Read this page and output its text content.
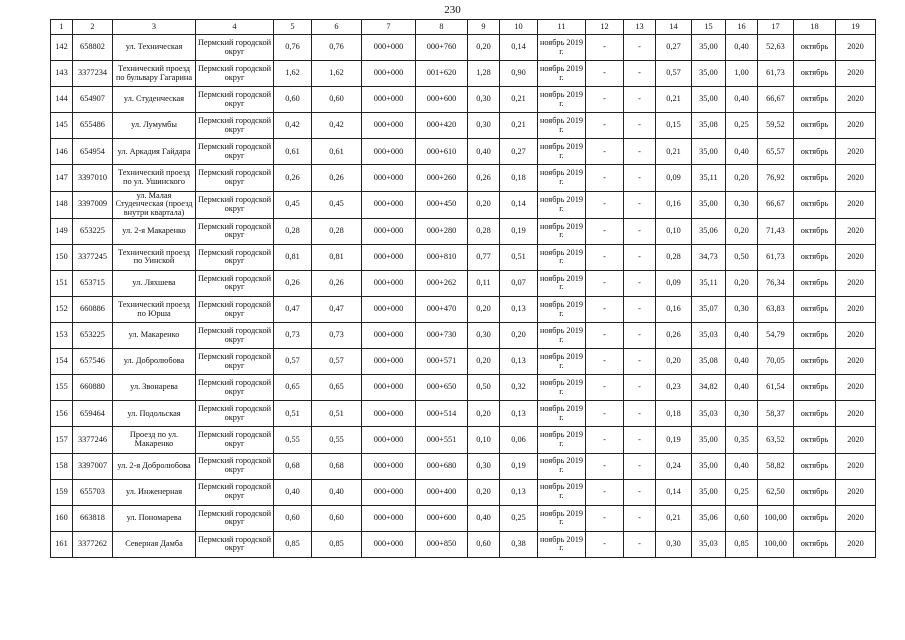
230
1	2	3	4	5	6	7	8	9	10	11	12	13	14	15	16	17	18	19
142	658802	ул. Техническая	Пермский городской округ	0,76	0,76	000+000	000+760	0,20	0,14	ноябрь 2019 г.	-	-	0,27	35,00	0,40	52,63	октябрь	2020
143	3377234	Технический проезд по бульвару Гагарина	Пермский городской округ	1,62	1,62	000+000	001+620	1,28	0,90	ноябрь 2019 г.	-	-	0,57	35,00	1,00	61,73	октябрь	2020
144	654907	ул. Студенческая	Пермский городской округ	0,60	0,60	000+000	000+600	0,30	0,21	ноябрь 2019 г.	-	-	0,21	35,00	0,40	66,67	октябрь	2020
145	655486	ул. Лумумбы	Пермский городской округ	0,42	0,42	000+000	000+420	0,30	0,21	ноябрь 2019 г.	-	-	0,15	35,08	0,25	59,52	октябрь	2020
146	654954	ул. Аркадия Гайдара	Пермский городской округ	0,61	0,61	000+000	000+610	0,40	0,27	ноябрь 2019 г.	-	-	0,21	35,00	0,40	65,57	октябрь	2020
147	3397010	Технический проезд по ул. Ушинского	Пермский городской округ	0,26	0,26	000+000	000+260	0,26	0,18	ноябрь 2019 г.	-	-	0,09	35,11	0,20	76,92	октябрь	2020
148	3397009	ул. Малая Студенческая (проезд внутри квартала)	Пермский городской округ	0,45	0,45	000+000	000+450	0,20	0,14	ноябрь 2019 г.	-	-	0,16	35,00	0,30	66,67	октябрь	2020
149	653225	ул. 2-я Макаренко	Пермский городской округ	0,28	0,28	000+000	000+280	0,28	0,19	ноябрь 2019 г.	-	-	0,10	35,06	0,20	71,43	октябрь	2020
150	3377245	Технический проезд по Уинской	Пермский городской округ	0,81	0,81	000+000	000+810	0,77	0,51	ноябрь 2019 г.	-	-	0,28	34,73	0,50	61,73	октябрь	2020
151	653715	ул. Ляхшева	Пермский городской округ	0,26	0,26	000+000	000+262	0,11	0,07	ноябрь 2019 г.	-	-	0,09	35,11	0,20	76,34	октябрь	2020
152	660886	Технический проезд по Юрша	Пермский городской округ	0,47	0,47	000+000	000+470	0,20	0,13	ноябрь 2019 г.	-	-	0,16	35,07	0,30	63,83	октябрь	2020
153	653225	ул. Макаренко	Пермский городской округ	0,73	0,73	000+000	000+730	0,30	0,20	ноябрь 2019 г.	-	-	0,26	35,03	0,40	54,79	октябрь	2020
154	657546	ул. Добролюбова	Пермский городской округ	0,57	0,57	000+000	000+571	0,20	0,13	ноябрь 2019 г.	-	-	0,20	35,08	0,40	70,05	октябрь	2020
155	660880	ул. Звонарева	Пермский городской округ	0,65	0,65	000+000	000+650	0,50	0,32	ноябрь 2019 г.	-	-	0,23	34,82	0,40	61,54	октябрь	2020
156	659464	ул. Подольская	Пермский городской округ	0,51	0,51	000+000	000+514	0,20	0,13	ноябрь 2019 г.	-	-	0,18	35,03	0,30	58,37	октябрь	2020
157	3377246	Проезд по ул. Макаренко	Пермский городской округ	0,55	0,55	000+000	000+551	0,10	0,06	ноябрь 2019 г.	-	-	0,19	35,00	0,35	63,52	октябрь	2020
158	3397007	ул. 2-я Добролюбова	Пермский городской округ	0,68	0,68	000+000	000+680	0,30	0,19	ноябрь 2019 г.	-	-	0,24	35,00	0,40	58,82	октябрь	2020
159	655703	ул. Инженерная	Пермский городской округ	0,40	0,40	000+000	000+400	0,20	0,13	ноябрь 2019 г.	-	-	0,14	35,00	0,25	62,50	октябрь	2020
160	663818	ул. Пономарева	Пермский городской округ	0,60	0,60	000+000	000+600	0,40	0,25	ноябрь 2019 г.	-	-	0,21	35,06	0,60	100,00	октябрь	2020
161	3377262	Северная Дамба	Пермский городской округ	0,85	0,85	000+000	000+850	0,60	0,38	ноябрь 2019 г.	-	-	0,30	35,03	0,85	100,00	октябрь	2020
